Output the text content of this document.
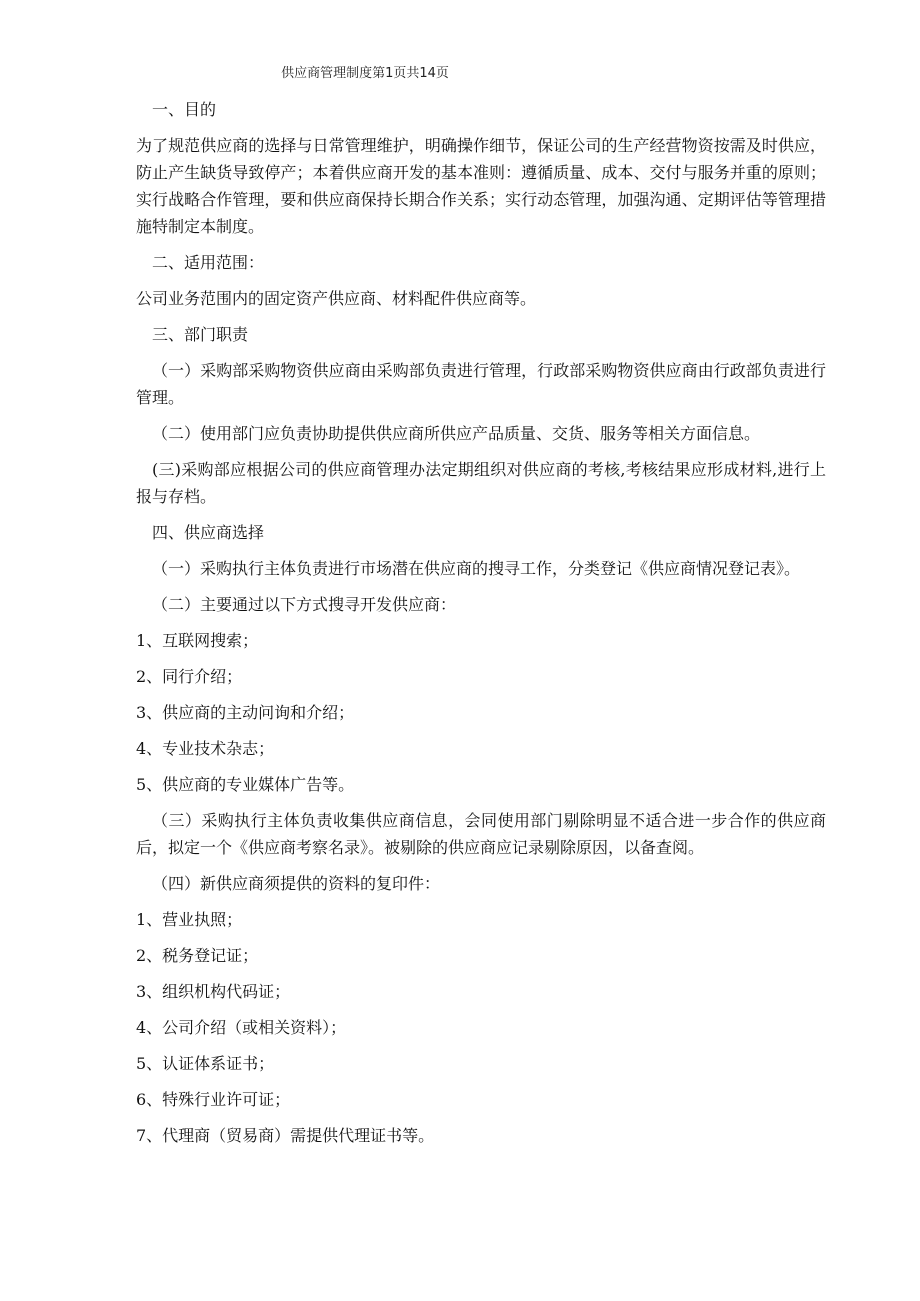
供应商管理制度第1页共14页

一、目的

为了规范供应商的选择与日常管理维护，明确操作细节，保证公司的生产经营物资按需及时供应，防止产生缺货导致停产；本着供应商开发的基本准则：遵循质量、成本、交付与服务并重的原则；实行战略合作管理，要和供应商保持长期合作关系；实行动态管理，加强沟通、定期评估等管理措施特制定本制度。

二、适用范围：

公司业务范围内的固定资产供应商、材料配件供应商等。

三、部门职责

（一）采购部采购物资供应商由采购部负责进行管理，行政部采购物资供应商由行政部负责进行管理。

（二）使用部门应负责协助提供供应商所供应产品质量、交货、服务等相关方面信息。

(三)采购部应根据公司的供应商管理办法定期组织对供应商的考核,考核结果应形成材料,进行上报与存档。

四、供应商选择

（一）采购执行主体负责进行市场潜在供应商的搜寻工作，分类登记《供应商情况登记表》。

（二）主要通过以下方式搜寻开发供应商：

1、互联网搜索；

2、同行介绍；

3、供应商的主动问询和介绍；

4、专业技术杂志；

5、供应商的专业媒体广告等。

（三）采购执行主体负责收集供应商信息，会同使用部门剔除明显不适合进一步合作的供应商后，拟定一个《供应商考察名录》。被剔除的供应商应记录剔除原因，以备查阅。

（四）新供应商须提供的资料的复印件：

1、营业执照；

2、税务登记证；

3、组织机构代码证；

4、公司介绍（或相关资料）；

5、认证体系证书；

6、特殊行业许可证；

7、代理商（贸易商）需提供代理证书等。
